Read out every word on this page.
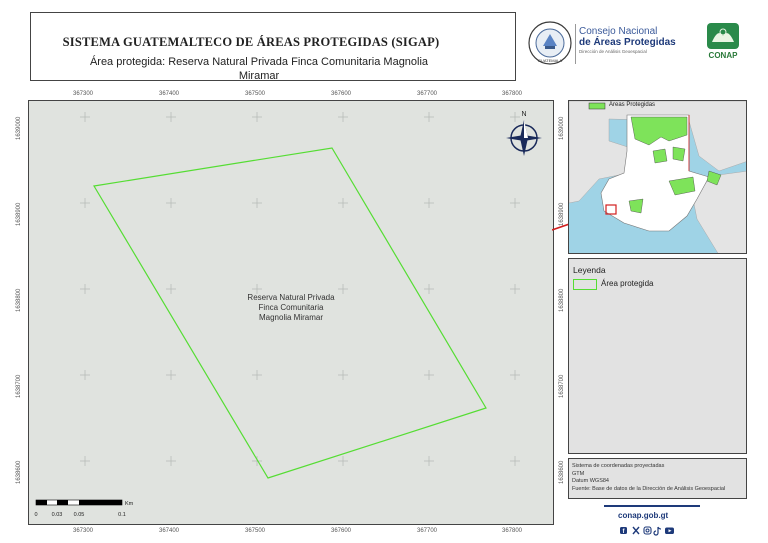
SISTEMA GUATEMALTECO DE ÁREAS PROTEGIDAS (SIGAP)
Área protegida: Reserva Natural Privada Finca Comunitaria Magnolia
Miramar
GUATEMALA
Consejo Nacional
de Áreas Protegidas
Dirección de Análisis Geoespacial	CONAP
Reserva Natural Privada
Finca Comunitaria
Magnolia Miramar
N
Km
0	0.03 0.05	0.1
367300	367400	367500	367600	367700	367800
367300	367400	367500	367600	367700	367800
1639000
1638900
1638800
1638700
1638600
1639000
1638900
1638800
1638700
1638600
Áreas Protegidas
Leyenda
Área protegida
Sistema de coordenadas proyectadas
GTM
Datum WGS84
Fuente: Base de datos de la Dirección de Análisis Geoespacial
conap.gob.gt
f
